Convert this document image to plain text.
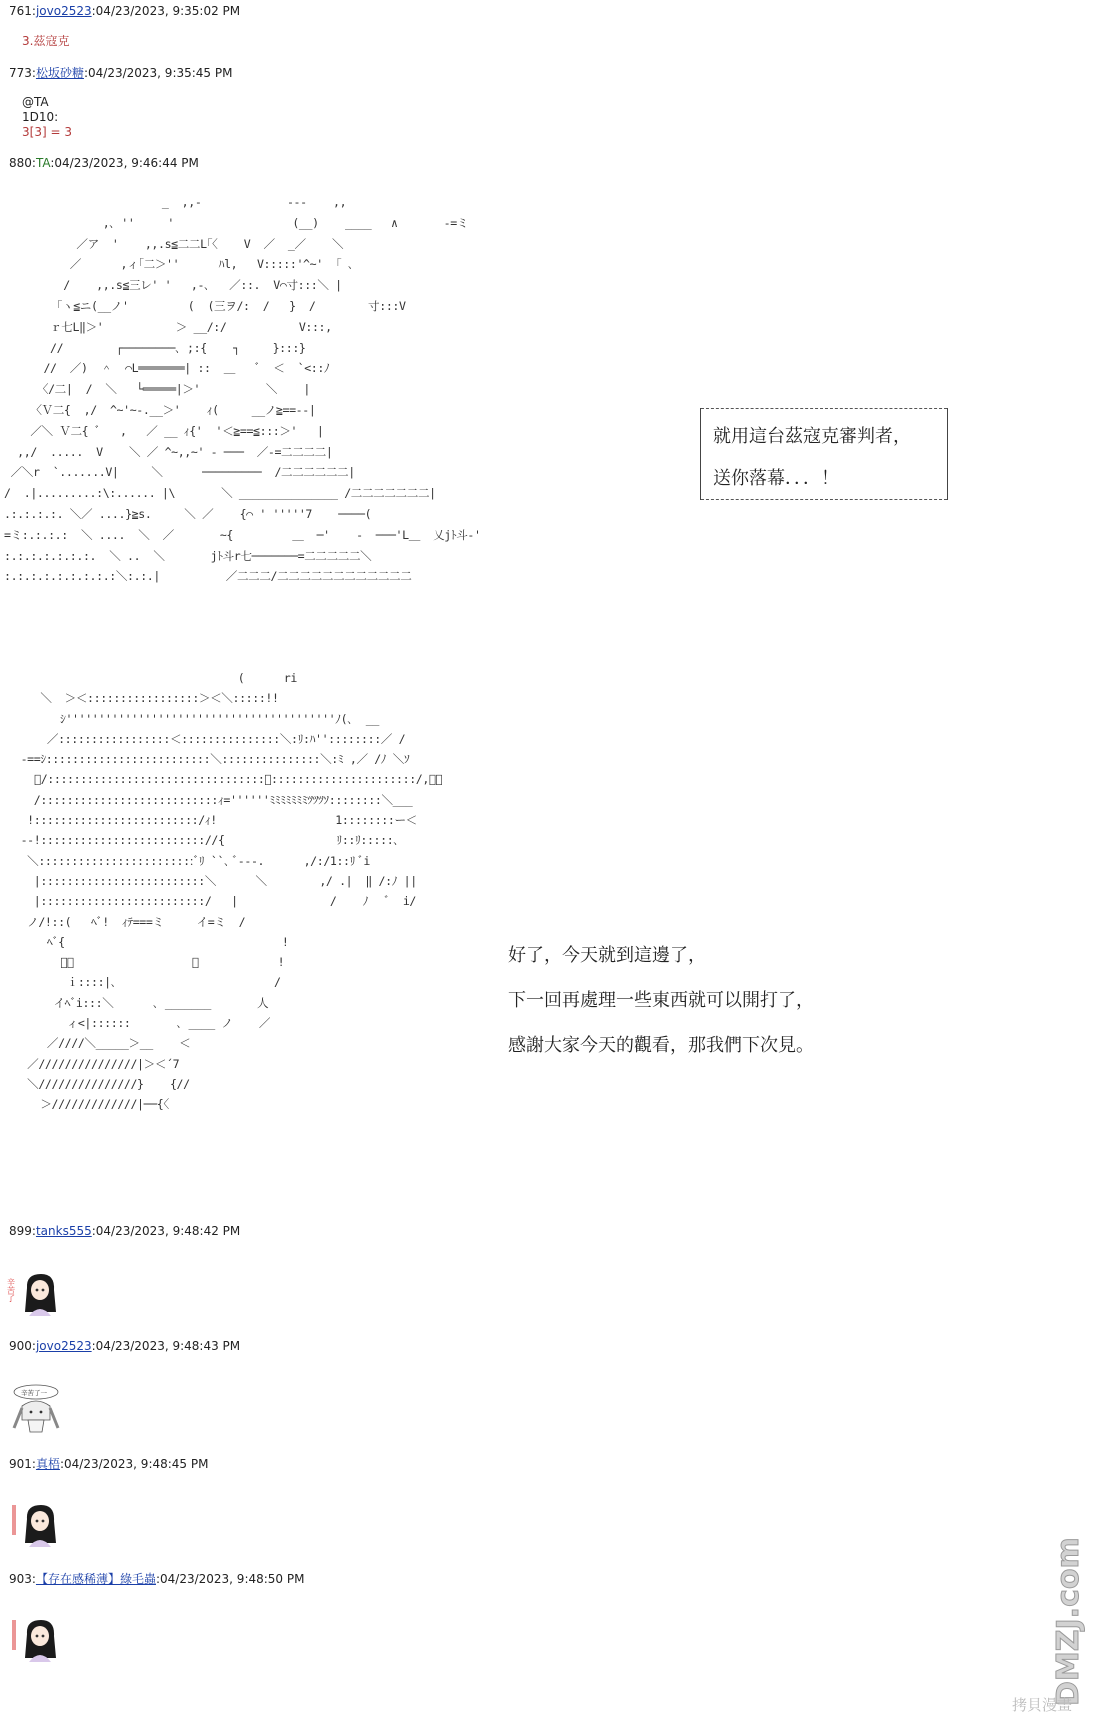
761:jovo2523:04/23/2023, 9:35:02 PM
3.茲寇克
773:松坂砂糖:04/23/2023, 9:35:45 PM
@TA
1D10:
3[3] = 3
880:TA:04/23/2023, 9:46:44 PM
_  ,,-             ---    ,,
,､ ''     '                  (__)    ____   ∧       -=ミ
／ア  '    ,,.s≦二二L｢〈    V  ／  _／    ＼
／      ,ィ｢二＞''      ﾊl,   V:::::'^~'  ｢ ､
/    ,,.s≦三レ' '   ,-､   ／::.  V⌒寸:::＼ |
｢ヽ≦ニ(__ノ'         (  (三ヲ/:  /   }  /        寸:::V
ｒ七L‖＞'           ＞ __/:/           V:::,
//        ┌────────､ ;:{    ┐     }:::}
//  ／)  ＾  ⌒L═══════| ::  ＿   ﾞ  ＜  `<::ﾉ
〈/二|  /  ＼   └═════|＞'          ＼    |
〈Ｖ二{  ,/  ^~'~-.__＞'    ｨ(     __ノ≧==--|
／＼ Ｖ二{ ﾞ   ,   ／ __ ｨ{'  '＜≧==≦:::＞'   |
,,/  .....  V    ＼ ／ ^~,,~' ‐ ───  ／-=二二二二|
／＼r  `.......V|     ＼      ─────────  /二二二二二二|
/  .|.........:\:...... |\       ＼ _______________ /二二二二二二二|
.:.:.:.:. ＼／ ....}≧s.     ＼ ／    {⌒ ' '''''7    ────(
=ミ:.:.:.:  ＼ ....  ＼  ／       ~{         ＿  ─'    -  ───'L＿  乂jﾄ斗-'
:.:.:.:.:.:.:.  ＼ ..  ＼       jﾄ斗r七───────=二二二二二＼
:.:.:.:.:.:.:.:.:＼:.:.|          ／二二二/二二二二二二二二二二二二
就用這台茲寇克審判者，
送你落幕．．．！
(      ri
＼  ＞＜:::::::::::::::::＞＜＼:::::!!
ｼ'''''''''''''''''''''''''''''''''''''''''ﾉ(､  __
／:::::::::::::::::＜:::::::::::::::＼:ﾘ:ﾊ''::::::::／ /
-==ｼ:::::::::::::::::::::::::＼:::::::::::::::＼:ﾐ ,／ /ﾉ ＼ｿ
ﾞ/:::::::::::::::::::::::::::::::::＼::::::::::::::::::::::/,､＼
/:::::::::::::::::::::::::::ｨ=''''''ﾐﾐﾐﾐﾐﾐﾐﾂﾂﾂｿ::::::::＼___
!:::::::::::::::::::::::::/ｨ!                  1::::::::ー＜
--!::::::::::::::::::::::::://{                 ﾘ::ﾘ:::::､
＼::::::::::::::::::::::::ﾞﾘ ``､ ﾞ---.      ,/:/1::ﾘ ﾞi
|:::::::::::::::::::::::::＼      ＼        ,/ .|  ‖ /:ﾉ ||
|:::::::::::::::::::::::::/   |              /    ﾉ   ﾞ  i/
ノ/!::(   ﾍﾞ!  ｨﾃ===ミ     イ=ミ  /
ﾍﾞ{                                 !
ﾞ､                  〉            !
ｉ::::|､                        /
イﾍﾞi:::＼      ､ _______       人
ィ<|::::::       ､ ____ ノ    ／
／////＼_____＞__    ＜
／///////////////|＞＜´7
＼///////////////}    {//
＞/////////////|──{〈
好了，今天就到這邊了，
下一回再處理一些東西就可以開打了，
感謝大家今天的觀看，那我們下次見。
899:tanks555:04/23/2023, 9:48:42 PM
辛苦了
900:jovo2523:04/23/2023, 9:48:43 PM
辛苦了一
901:真梧:04/23/2023, 9:48:45 PM
903:【存在感稀薄】綠毛蟲:04/23/2023, 9:48:50 PM	DMZJ.com
拷貝漫畫
